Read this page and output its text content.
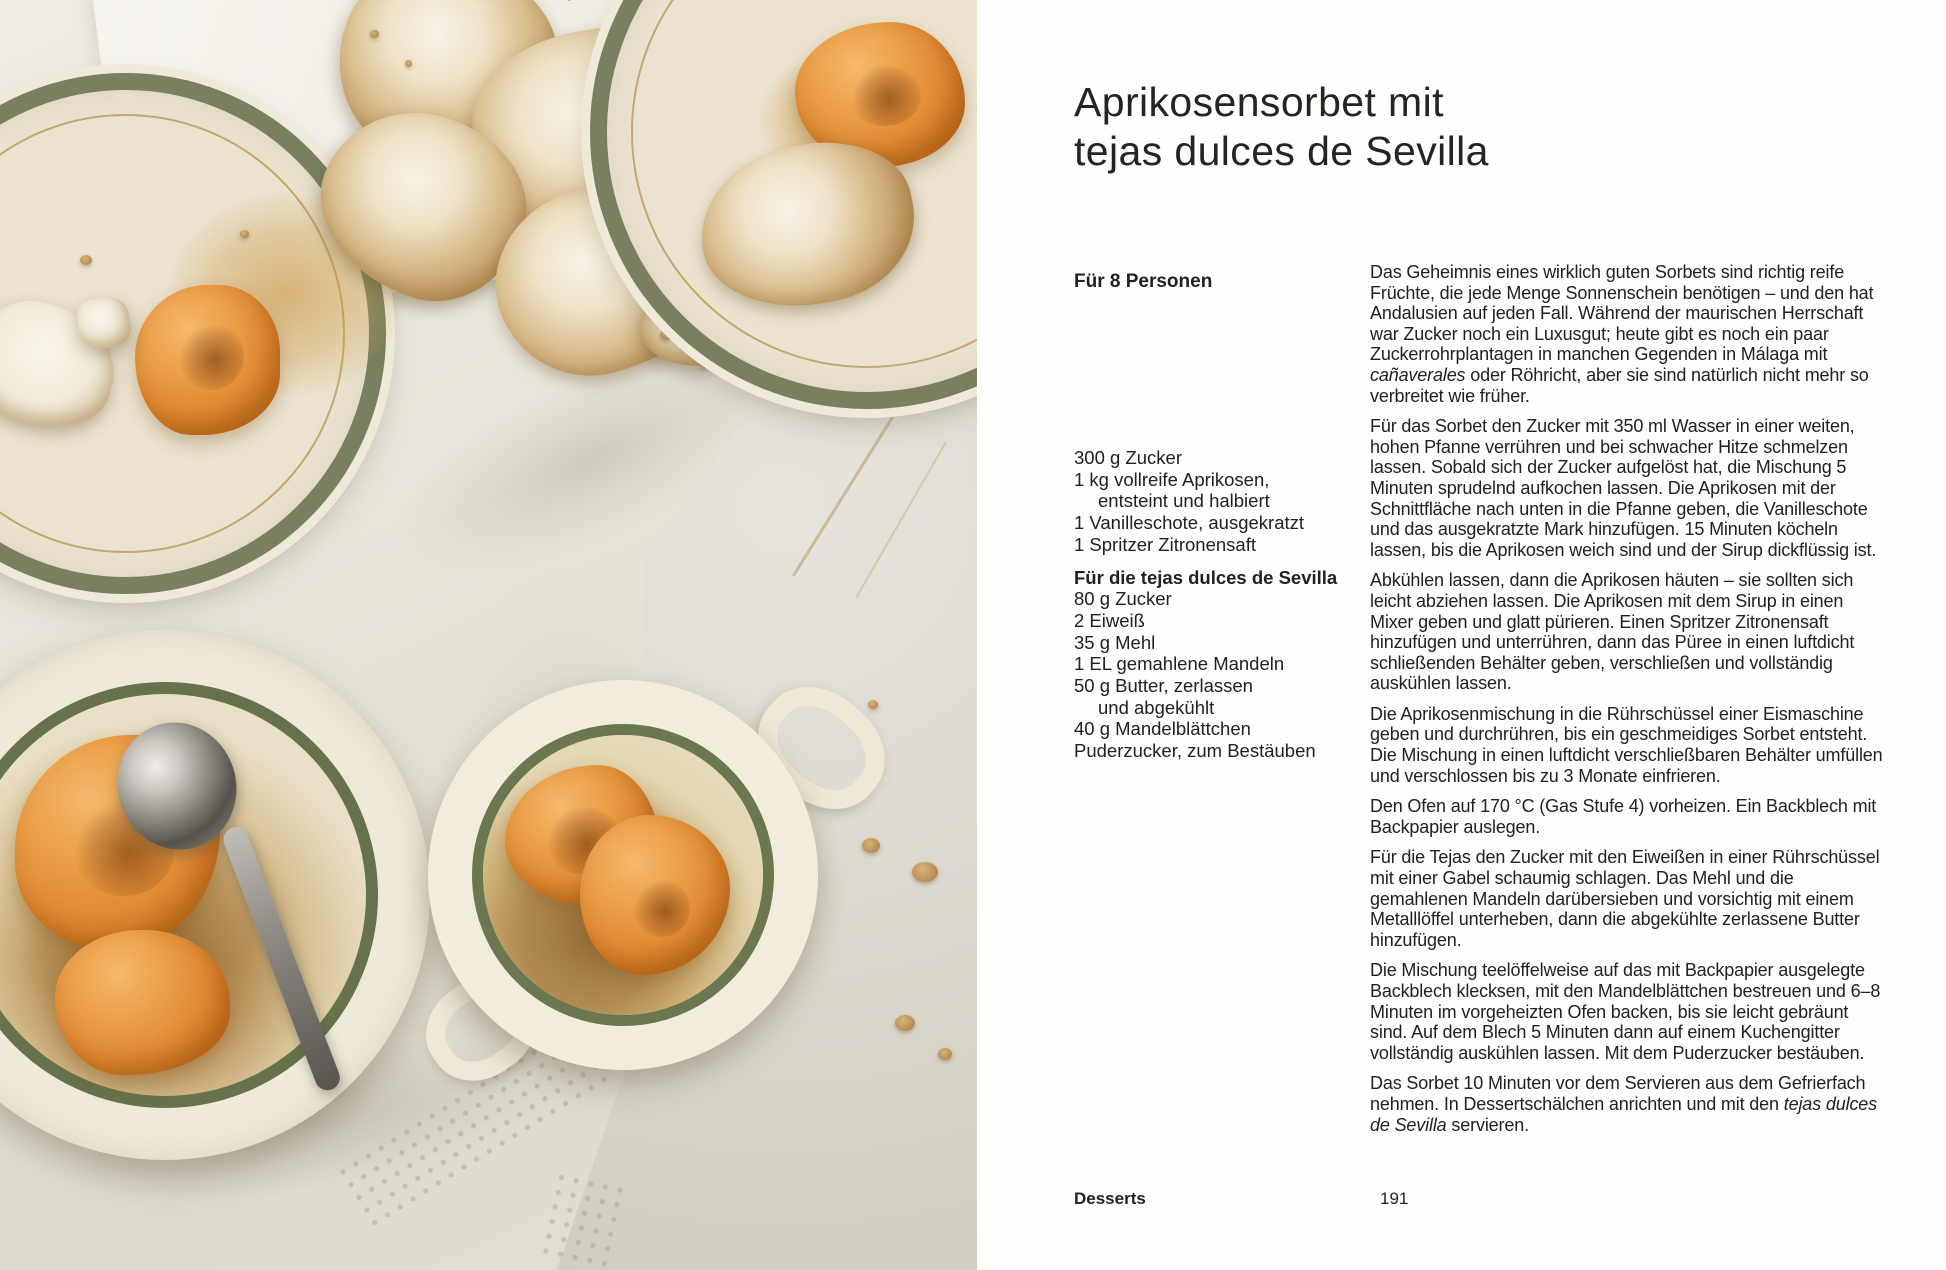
Aprikosensorbet mit
tejas dulces de Sevilla
Für 8 Personen
300 g Zucker
1 kg vollreife Aprikosen,
entsteint und halbiert
1 Vanilleschote, ausgekratzt
1 Spritzer Zitronensaft
Für die tejas dulces de Sevilla
80 g Zucker
2 Eiweiß
35 g Mehl
1 EL gemahlene Mandeln
50 g Butter, zerlassen
und abgekühlt
40 g Mandelblättchen
Puderzucker, zum Bestäuben

Das Geheimnis eines wirklich guten Sorbets sind richtig reife Früchte, die jede Menge Sonnenschein benötigen – und den hat Andalusien auf jeden Fall. Während der maurischen Herrschaft war Zucker noch ein Luxusgut; heute gibt es noch ein paar Zuckerrohrplantagen in manchen Gegenden in Málaga mit cañaverales oder Röhricht, aber sie sind natürlich nicht mehr so verbreitet wie früher.

Für das Sorbet den Zucker mit 350 ml Wasser in einer weiten, hohen Pfanne verrühren und bei schwacher Hitze schmelzen lassen. Sobald sich der Zucker aufgelöst hat, die Mischung 5 Minuten sprudelnd aufkochen lassen. Die Aprikosen mit der Schnittfläche nach unten in die Pfanne geben, die Vanilleschote und das ausgekratzte Mark hinzufügen. 15 Minuten köcheln lassen, bis die Aprikosen weich sind und der Sirup dickflüssig ist.

Abkühlen lassen, dann die Aprikosen häuten – sie sollten sich leicht abziehen lassen. Die Aprikosen mit dem Sirup in einen Mixer geben und glatt pürieren. Einen Spritzer Zitronensaft hinzufügen und unterrühren, dann das Püree in einen luftdicht schließenden Behälter geben, verschließen und vollständig auskühlen lassen.

Die Aprikosenmischung in die Rührschüssel einer Eismaschine geben und durchrühren, bis ein geschmeidiges Sorbet entsteht. Die Mischung in einen luftdicht verschließbaren Behälter umfüllen und verschlossen bis zu 3 Monate einfrieren.

Den Ofen auf 170 °C (Gas Stufe 4) vorheizen. Ein Backblech mit Backpapier auslegen.

Für die Tejas den Zucker mit den Eiweißen in einer Rührschüssel mit einer Gabel schaumig schlagen. Das Mehl und die gemahlenen Mandeln darübersieben und vorsichtig mit einem Metalllöffel unterheben, dann die abgekühlte zerlassene Butter hinzufügen.

Die Mischung teelöffelweise auf das mit Backpapier ausgelegte Backblech klecksen, mit den Mandelblättchen bestreuen und 6–8 Minuten im vorgeheizten Ofen backen, bis sie leicht gebräunt sind. Auf dem Blech 5 Minuten dann auf einem Kuchengitter vollständig auskühlen lassen. Mit dem Puderzucker bestäuben.

Das Sorbet 10 Minuten vor dem Servieren aus dem Gefrierfach nehmen. In Dessertschälchen anrichten und mit den tejas dulces de Sevilla servieren.

Desserts	191
